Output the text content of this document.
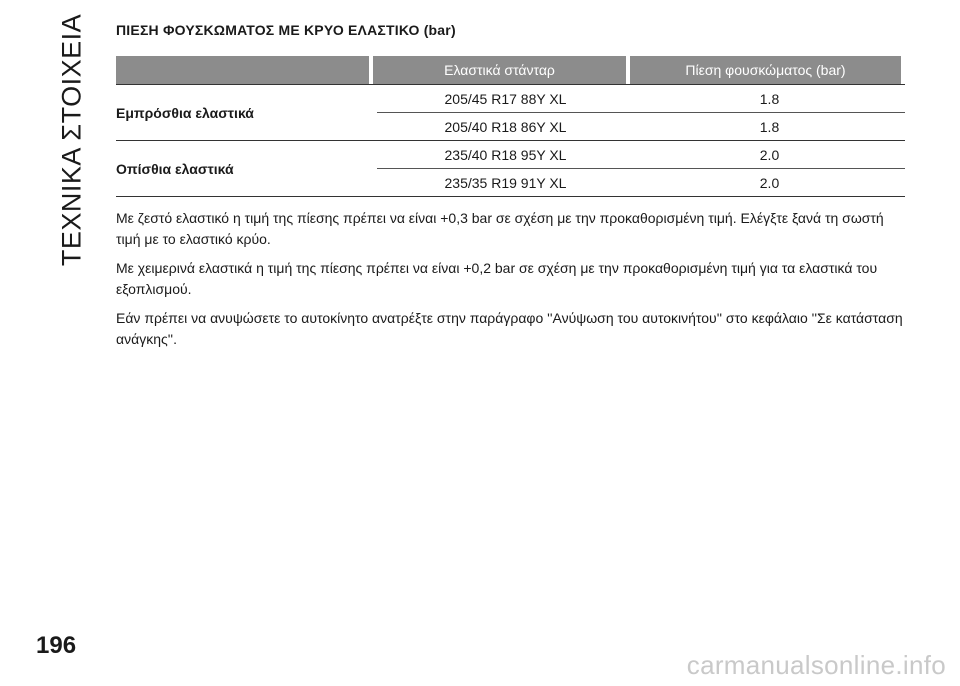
ΤΕΧΝΙΚΑ ΣΤΟΙΧΕΙΑ ΠΙΕΣΗ ΦΟΥΣΚΩΜΑΤΟΣ ΜΕ ΚΡΥΟ ΕΛΑΣΤΙΚΟ (bar)
Ελαστικά στάνταρ	Πίεση φουσκώματος (bar)
Εμπρόσθια ελαστικά
205/45 R17 88Y XL	1.8
205/40 R18 86Y XL	1.8
Οπίσθια ελαστικά
235/40 R18 95Y XL	2.0
235/35 R19 91Y XL	2.0

Με ζεστό ελαστικό η τιμή της πίεσης πρέπει να είναι +0,3 bar σε σχέση με την προκαθορισμένη τιμή. Ελέγξτε ξανά τη σωστή τιμή με το ελαστικό κρύο.

Με χειμερινά ελαστικά η τιμή της πίεσης πρέπει να είναι +0,2 bar σε σχέση με την προκαθορισμένη τιμή για τα ελαστικά του εξοπλισμού.

Εάν πρέπει να ανυψώσετε το αυτοκίνητο ανατρέξτε στην παράγραφο ''Ανύψωση του αυτοκινήτου'' στο κεφάλαιο ''Σε κατάσταση ανάγκης''.

196
carmanualsonline.info
